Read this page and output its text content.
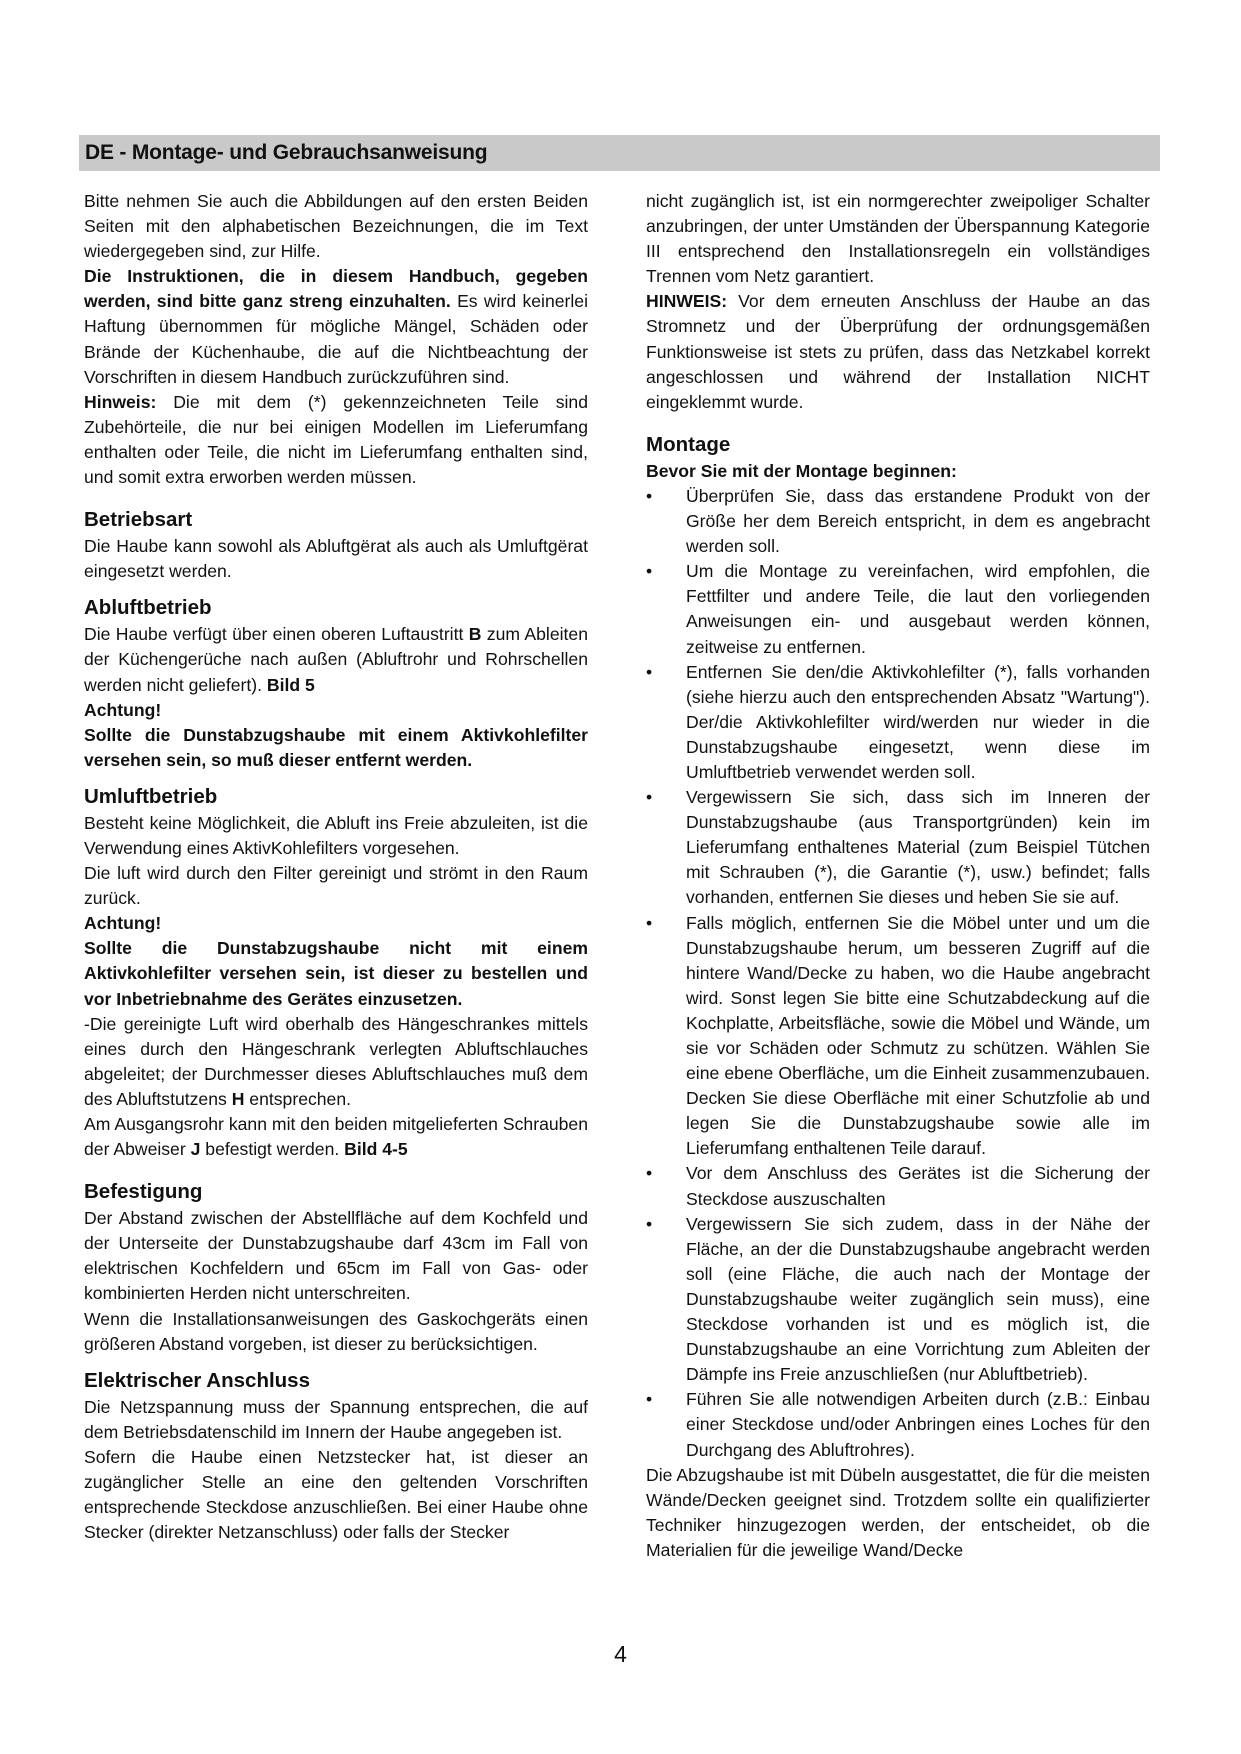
DE - Montage- und Gebrauchsanweisung

Bitte nehmen Sie auch die Abbildungen auf den ersten Beiden Seiten mit den alphabetischen Bezeichnungen, die im Text wiedergegeben sind, zur Hilfe.

Die Instruktionen, die in diesem Handbuch, gegeben werden, sind bitte ganz streng einzuhalten. Es wird keinerlei Haftung übernommen für mögliche Mängel, Schäden oder Brände der Küchenhaube, die auf die Nichtbeachtung der Vorschriften in diesem Handbuch zurückzuführen sind.

Hinweis: Die mit dem (*) gekennzeichneten Teile sind Zubehörteile, die nur bei einigen Modellen im Lieferumfang enthalten oder Teile, die nicht im Lieferumfang enthalten sind, und somit extra erworben werden müssen.

Betriebsart

Die Haube kann sowohl als Abluftgërat als auch als Umluftgërat eingesetzt werden.

Abluftbetrieb

Die Haube verfügt über einen oberen Luftaustritt B zum Ableiten der Küchengerüche nach außen (Abluftrohr und Rohrschellen werden nicht geliefert). Bild 5

Achtung!

Sollte die Dunstabzugshaube mit einem Aktivkohlefilter versehen sein, so muß dieser entfernt werden.

Umluftbetrieb

Besteht keine Möglichkeit, die Abluft ins Freie abzuleiten, ist die Verwendung eines AktivKohlefilters vorgesehen.

Die luft wird durch den Filter gereinigt und strömt in den Raum zurück.

Achtung!

Sollte die Dunstabzugshaube nicht mit einem Aktivkohlefilter versehen sein, ist dieser zu bestellen und vor Inbetriebnahme des Gerätes einzusetzen.

-Die gereinigte Luft wird oberhalb des Hängeschrankes mittels eines durch den Hängeschrank verlegten Abluftschlauches abgeleitet; der Durchmesser dieses Abluftschlauches muß dem des Abluftstutzens H entsprechen.

Am Ausgangsrohr kann mit den beiden mitgelieferten Schrauben der Abweiser J befestigt werden. Bild 4-5

Befestigung

Der Abstand zwischen der Abstellfläche auf dem Kochfeld und der Unterseite der Dunstabzugshaube darf 43cm im Fall von elektrischen Kochfeldern und 65cm im Fall von Gas- oder kombinierten Herden nicht unterschreiten.

Wenn die Installationsanweisungen des Gaskochgeräts einen größeren Abstand vorgeben, ist dieser zu berücksichtigen.

Elektrischer Anschluss

Die Netzspannung muss der Spannung entsprechen, die auf dem Betriebsdatenschild im Innern der Haube angegeben ist.

Sofern die Haube einen Netzstecker hat, ist dieser an zugänglicher Stelle an eine den geltenden Vorschriften entsprechende Steckdose anzuschließen. Bei einer Haube ohne Stecker (direkter Netzanschluss) oder falls der Stecker

nicht zugänglich ist, ist ein normgerechter zweipoliger Schalter anzubringen, der unter Umständen der Überspannung Kategorie III entsprechend den Installationsregeln ein vollständiges Trennen vom Netz garantiert.

HINWEIS: Vor dem erneuten Anschluss der Haube an das Stromnetz und der Überprüfung der ordnungsgemäßen Funktionsweise ist stets zu prüfen, dass das Netzkabel korrekt angeschlossen und während der Installation NICHT eingeklemmt wurde.

Montage

Bevor Sie mit der Montage beginnen:

•	Überprüfen Sie, dass das erstandene Produkt von der Größe her dem Bereich entspricht, in dem es angebracht werden soll.
•	Um die Montage zu vereinfachen, wird empfohlen, die Fettfilter und andere Teile, die laut den vorliegenden Anweisungen ein- und ausgebaut werden können, zeitweise zu entfernen.
•	Entfernen Sie den/die Aktivkohlefilter (*), falls vorhanden (siehe hierzu auch den entsprechenden Absatz "Wartung"). Der/die Aktivkohlefilter wird/werden nur wieder in die Dunstabzugshaube eingesetzt, wenn diese im Umluftbetrieb verwendet werden soll.
•	Vergewissern Sie sich, dass sich im Inneren der Dunstabzugshaube (aus Transportgründen) kein im Lieferumfang enthaltenes Material (zum Beispiel Tütchen mit Schrauben (*), die Garantie (*), usw.) befindet; falls vorhanden, entfernen Sie dieses und heben Sie sie auf.
•	Falls möglich, entfernen Sie die Möbel unter und um die Dunstabzugshaube herum, um besseren Zugriff auf die hintere Wand/Decke zu haben, wo die Haube angebracht wird. Sonst legen Sie bitte eine Schutzabdeckung auf die Kochplatte, Arbeitsfläche, sowie die Möbel und Wände, um sie vor Schäden oder Schmutz zu schützen. Wählen Sie eine ebene Oberfläche, um die Einheit zusammenzubauen. Decken Sie diese Oberfläche mit einer Schutzfolie ab und legen Sie die Dunstabzugshaube sowie alle im Lieferumfang enthaltenen Teile darauf.
•	Vor dem Anschluss des Gerätes ist die Sicherung der Steckdose auszuschalten
•	Vergewissern Sie sich zudem, dass in der Nähe der Fläche, an der die Dunstabzugshaube angebracht werden soll (eine Fläche, die auch nach der Montage der Dunstabzugshaube weiter zugänglich sein muss), eine Steckdose vorhanden ist und es möglich ist, die Dunstabzugshaube an eine Vorrichtung zum Ableiten der Dämpfe ins Freie anzuschließen (nur Abluftbetrieb).
•	Führen Sie alle notwendigen Arbeiten durch (z.B.: Einbau einer Steckdose und/oder Anbringen eines Loches für den Durchgang des Abluftrohres).

Die Abzugshaube ist mit Dübeln ausgestattet, die für die meisten Wände/Decken geeignet sind. Trotzdem sollte ein qualifizierter Techniker hinzugezogen werden, der entscheidet, ob die Materialien für die jeweilige Wand/Decke

4
